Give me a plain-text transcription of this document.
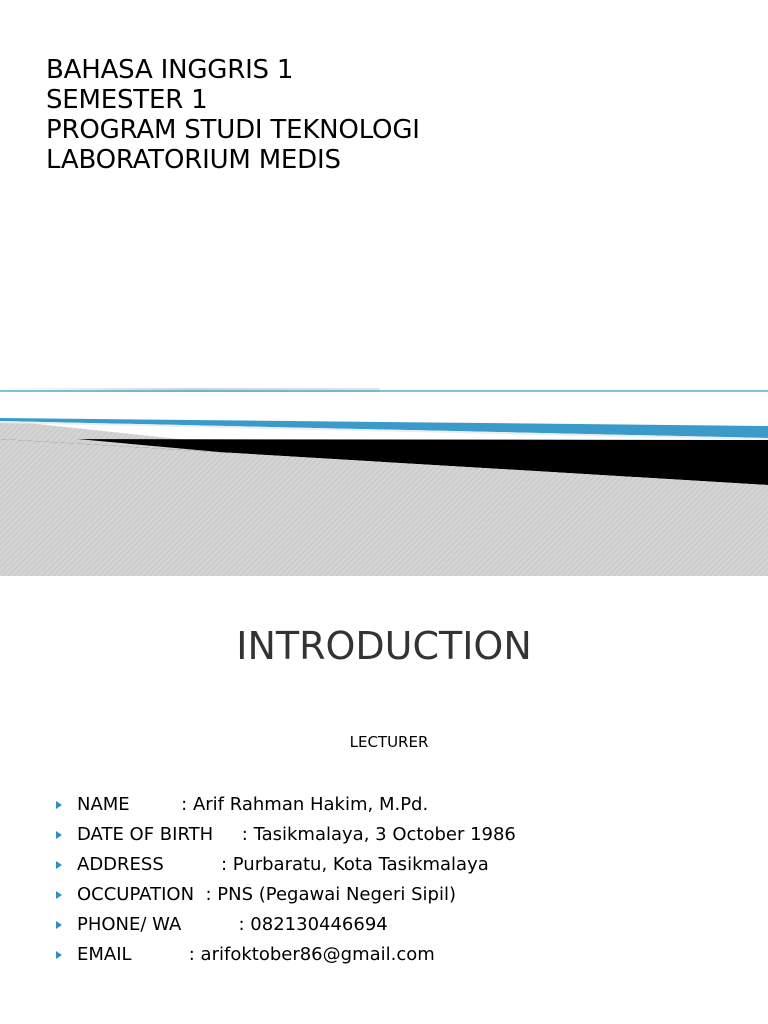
BAHASA INGGRIS 1
SEMESTER 1
PROGRAM STUDI TEKNOLOGI
LABORATORIUM MEDIS
INTRODUCTION
LECTURER
NAME         : Arif Rahman Hakim, M.Pd.
DATE OF BIRTH     : Tasikmalaya, 3 October 1986
ADDRESS          : Purbaratu, Kota Tasikmalaya
OCCUPATION  : PNS (Pegawai Negeri Sipil)
PHONE/ WA          : 082130446694
EMAIL          : arifoktober86@gmail.com
